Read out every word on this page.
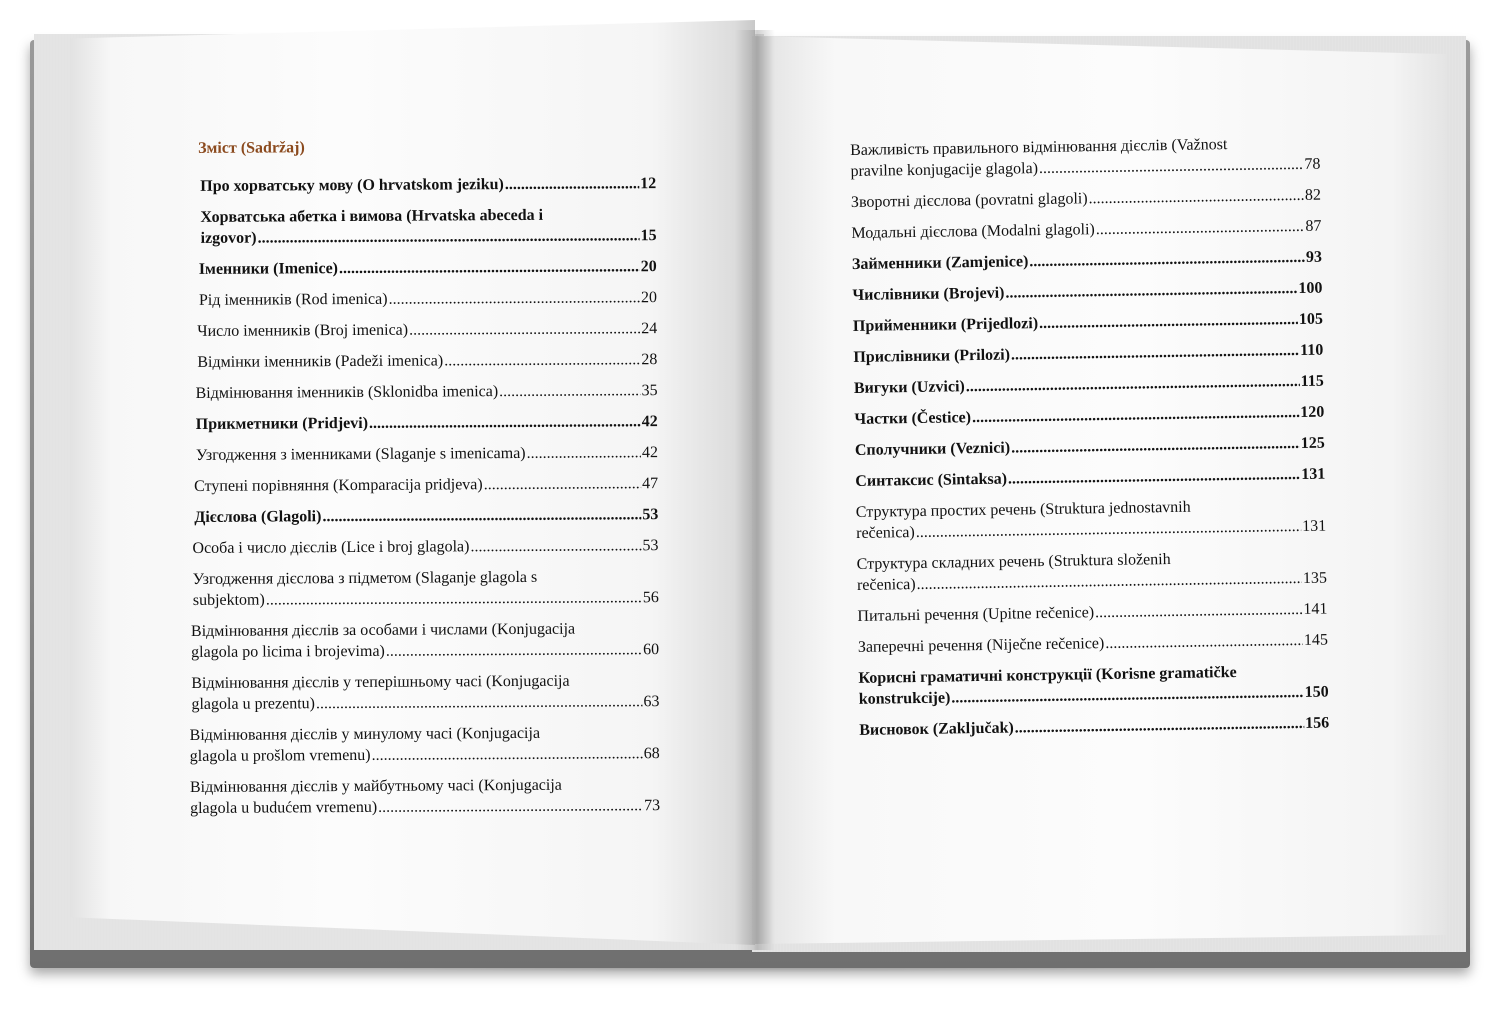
Зміст (Sadržaj)
Про хорватську мову (O hrvatskom jeziku) .....	12
Хорватська абетка і вимова (Hrvatska abeceda i
izgovor) .....	15
Іменники (Imenice) .....	20
Рід іменників (Rod imenica) .....	20
Число іменників (Broj imenica) .....	24
Відмінки іменників (Padeži imenica) .....	28
Відмінювання іменників (Sklonidba imenica) .....	35
Прикметники (Pridjevi) .....	42
Узгодження з іменниками (Slaganje s imenicama) .....	42
Ступені порівняння (Komparacija pridjeva) .....	47
Дієслова (Glagoli) .....	53
Особа і число дієслів (Lice i broj glagola) .....	53
Узгодження дієслова з підметом (Slaganje glagola s
subjektom) .....	56
Відмінювання дієслів за особами і числами (Konjugacija
glagola po licima i brojevima) .....	60
Відмінювання дієслів у теперішньому часі (Konjugacija
glagola u prezentu) .....	63
Відмінювання дієслів у минулому часі (Konjugacija
glagola u prošlom vremenu) .....	68
Відмінювання дієслів у майбутньому часі (Konjugacija
glagola u budućem vremenu) .....	73
Важливість правильного відмінювання дієслів (Važnost
pravilne konjugacije glagola) .....	78
Зворотні дієслова (povratni glagoli) .....	82
Модальні дієслова (Modalni glagoli) .....	87
Займенники (Zamjenice) .....	93
Числівники (Brojevi) .....	100
Прийменники (Prijedlozi) .....	105
Прислівники (Prilozi) .....	110
Вигуки (Uzvici) .....	115
Частки (Čestice) .....	120
Сполучники (Veznici) .....	125
Синтаксис (Sintaksa) .....	131
Структура простих речень (Struktura jednostavnih
rečenica) .....	131
Структура складних речень (Struktura složenih
rečenica) .....	135
Питальні речення (Upitne rečenice) .....	141
Заперечні речення (Niječne rečenice) .....	145
Корисні граматичні конструкції (Korisne gramatičke
konstrukcije) .....	150
Висновок (Zaključak) .....	156
